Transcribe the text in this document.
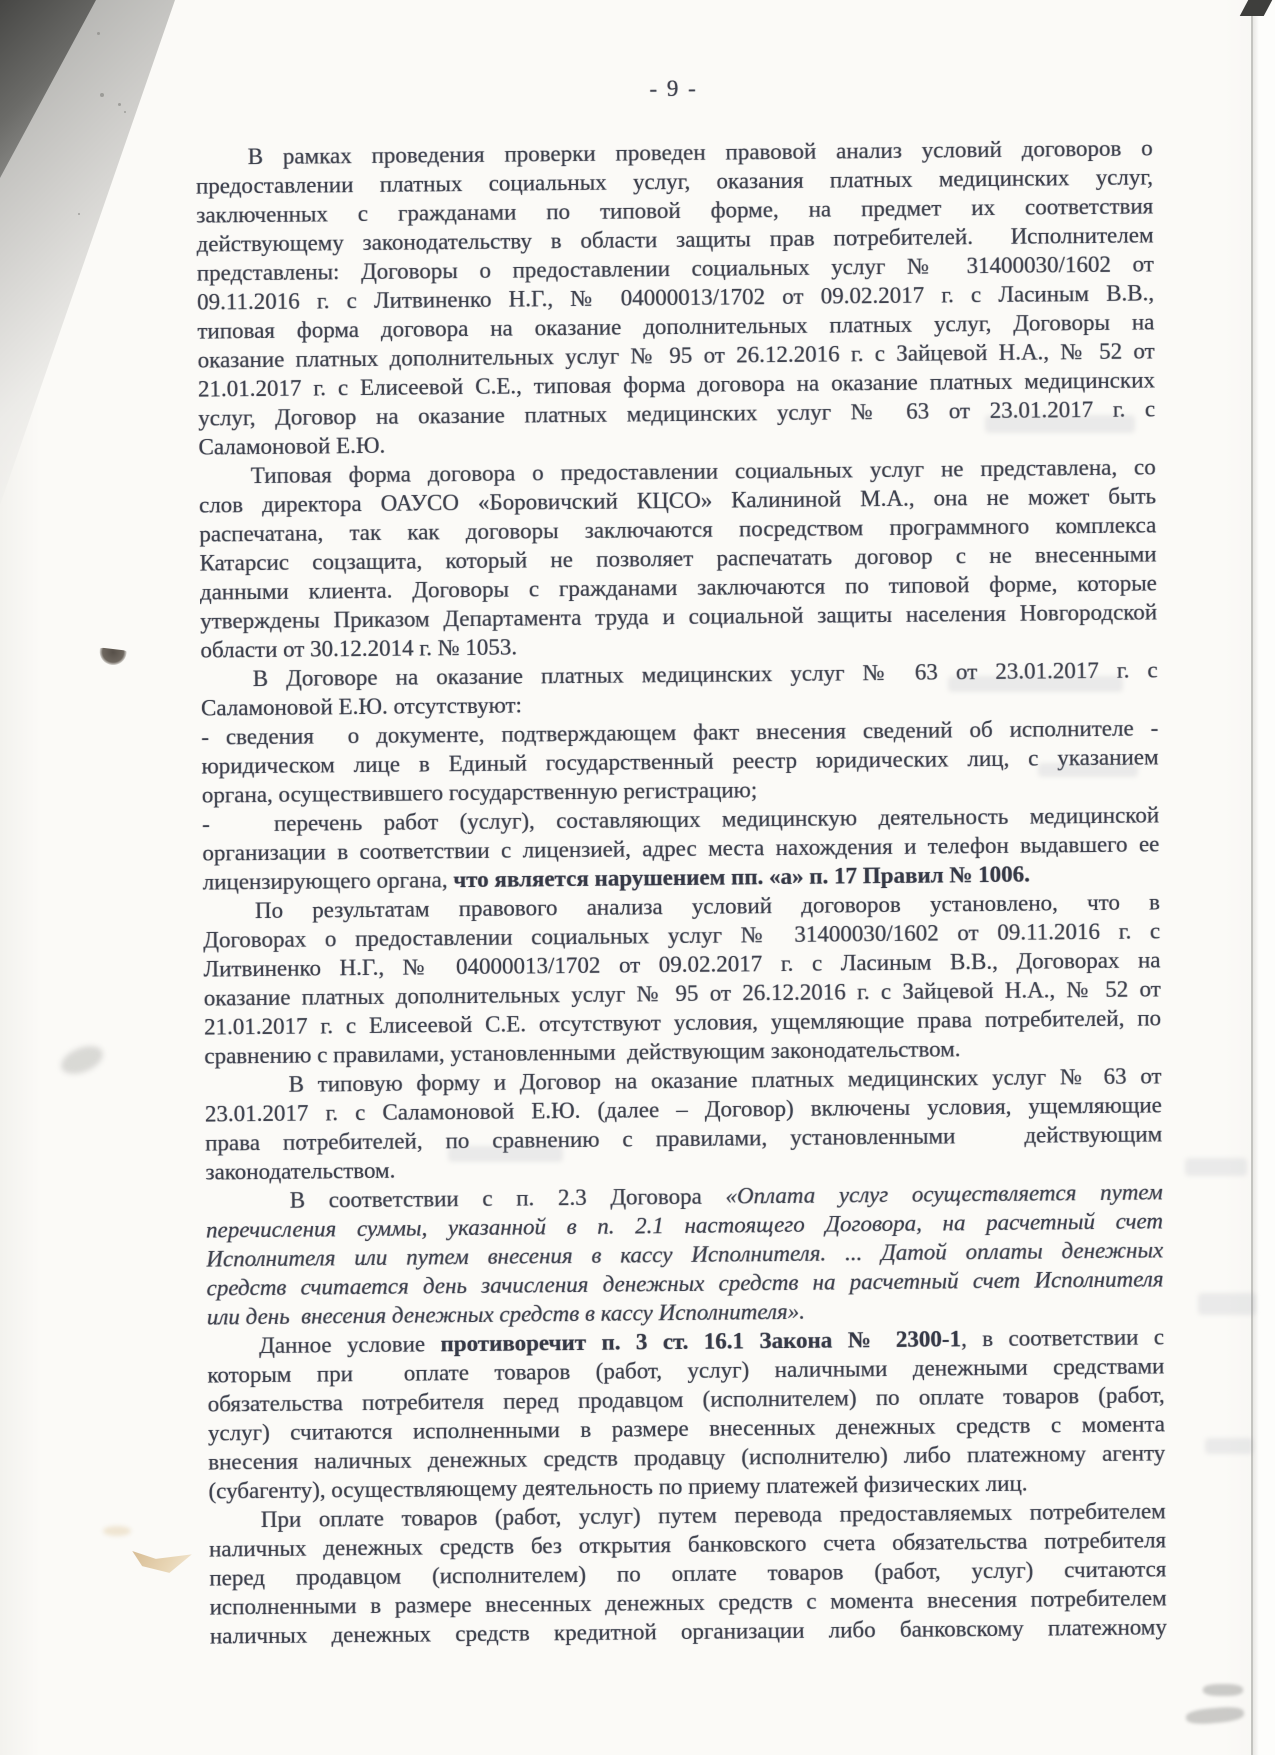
- 9 -
В рамках проведения проверки проведен правовой анализ условий договоров о
предоставлении платных социальных услуг, оказания платных медицинских услуг,
заключенных с гражданами по типовой форме, на предмет их соответствия
действующему законодательству в области защиты прав потребителей.  Исполнителем
представлены: Договоры о предоставлении социальных услуг № 31400030/1602 от
09.11.2016 г. с Литвиненко Н.Г., № 04000013/1702 от 09.02.2017 г. с Ласиным В.В.,
типовая форма договора на оказание дополнительных платных услуг, Договоры на
оказание платных дополнительных услуг № 95 от 26.12.2016 г. с Зайцевой Н.А., № 52 от
21.01.2017 г. с Елисеевой С.Е., типовая форма договора на оказание платных медицинских
услуг, Договор на оказание платных медицинских услуг № 63 от 23.01.2017 г. с
Саламоновой Е.Ю.
Типовая форма договора о предоставлении социальных услуг не представлена, со
слов директора ОАУСО «Боровичский КЦСО» Калининой М.А., она не может быть
распечатана, так как договоры заключаются посредством программного комплекса
Катарсис соцзащита, который не позволяет распечатать договор с не внесенными
данными клиента. Договоры с гражданами заключаются по типовой форме, которые
утверждены Приказом Департамента труда и социальной защиты населения Новгородской
области от 30.12.2014 г. № 1053.
В Договоре на оказание платных медицинских услуг № 63 от 23.01.2017 г. с
Саламоновой Е.Ю. отсутствуют:
- сведения  о документе, подтверждающем факт внесения сведений об исполнителе -
юридическом лице в Единый государственный реестр юридических лиц, с указанием
органа, осуществившего государственную регистрацию;
-   перечень работ (услуг), составляющих медицинскую деятельность медицинской
организации в соответствии с лицензией, адрес места нахождения и телефон выдавшего ее
лицензирующего органа, что является нарушением пп. «а» п. 17 Правил № 1006.
По результатам правового анализа условий договоров установлено, что в
Договорах о предоставлении социальных услуг № 31400030/1602 от 09.11.2016 г. с
Литвиненко Н.Г., № 04000013/1702 от 09.02.2017 г. с Ласиным В.В., Договорах на
оказание платных дополнительных услуг № 95 от 26.12.2016 г. с Зайцевой Н.А., № 52 от
21.01.2017 г. с Елисеевой С.Е. отсутствуют условия, ущемляющие права потребителей, по
сравнению с правилами, установленными  действующим законодательством.
В типовую форму и Договор на оказание платных медицинских услуг № 63 от
23.01.2017 г. с Саламоновой Е.Ю. (далее – Договор) включены условия, ущемляющие
права потребителей, по сравнению с правилами, установленными   действующим
законодательством.
В соответствии с п. 2.3 Договора «Оплата услуг осуществляется путем
перечисления суммы, указанной в п. 2.1 настоящего Договора, на расчетный счет
Исполнителя или путем внесения в кассу Исполнителя. ... Датой оплаты денежных
средств считается день зачисления денежных средств на расчетный счет Исполнителя
или день  внесения денежных средств в кассу Исполнителя».
Данное условие противоречит п. 3 ст. 16.1 Закона № 2300-1, в соответствии с
которым при  оплате товаров (работ, услуг) наличными денежными средствами
обязательства потребителя перед продавцом (исполнителем) по оплате товаров (работ,
услуг) считаются исполненными в размере внесенных денежных средств с момента
внесения наличных денежных средств продавцу (исполнителю) либо платежному агенту
(субагенту), осуществляющему деятельность по приему платежей физических лиц.
При оплате товаров (работ, услуг) путем перевода предоставляемых потребителем
наличных денежных средств без открытия банковского счета обязательства потребителя
перед продавцом (исполнителем) по оплате товаров (работ, услуг) считаются
исполненными в размере внесенных денежных средств с момента внесения потребителем
наличных денежных средств кредитной организации либо банковскому платежному
